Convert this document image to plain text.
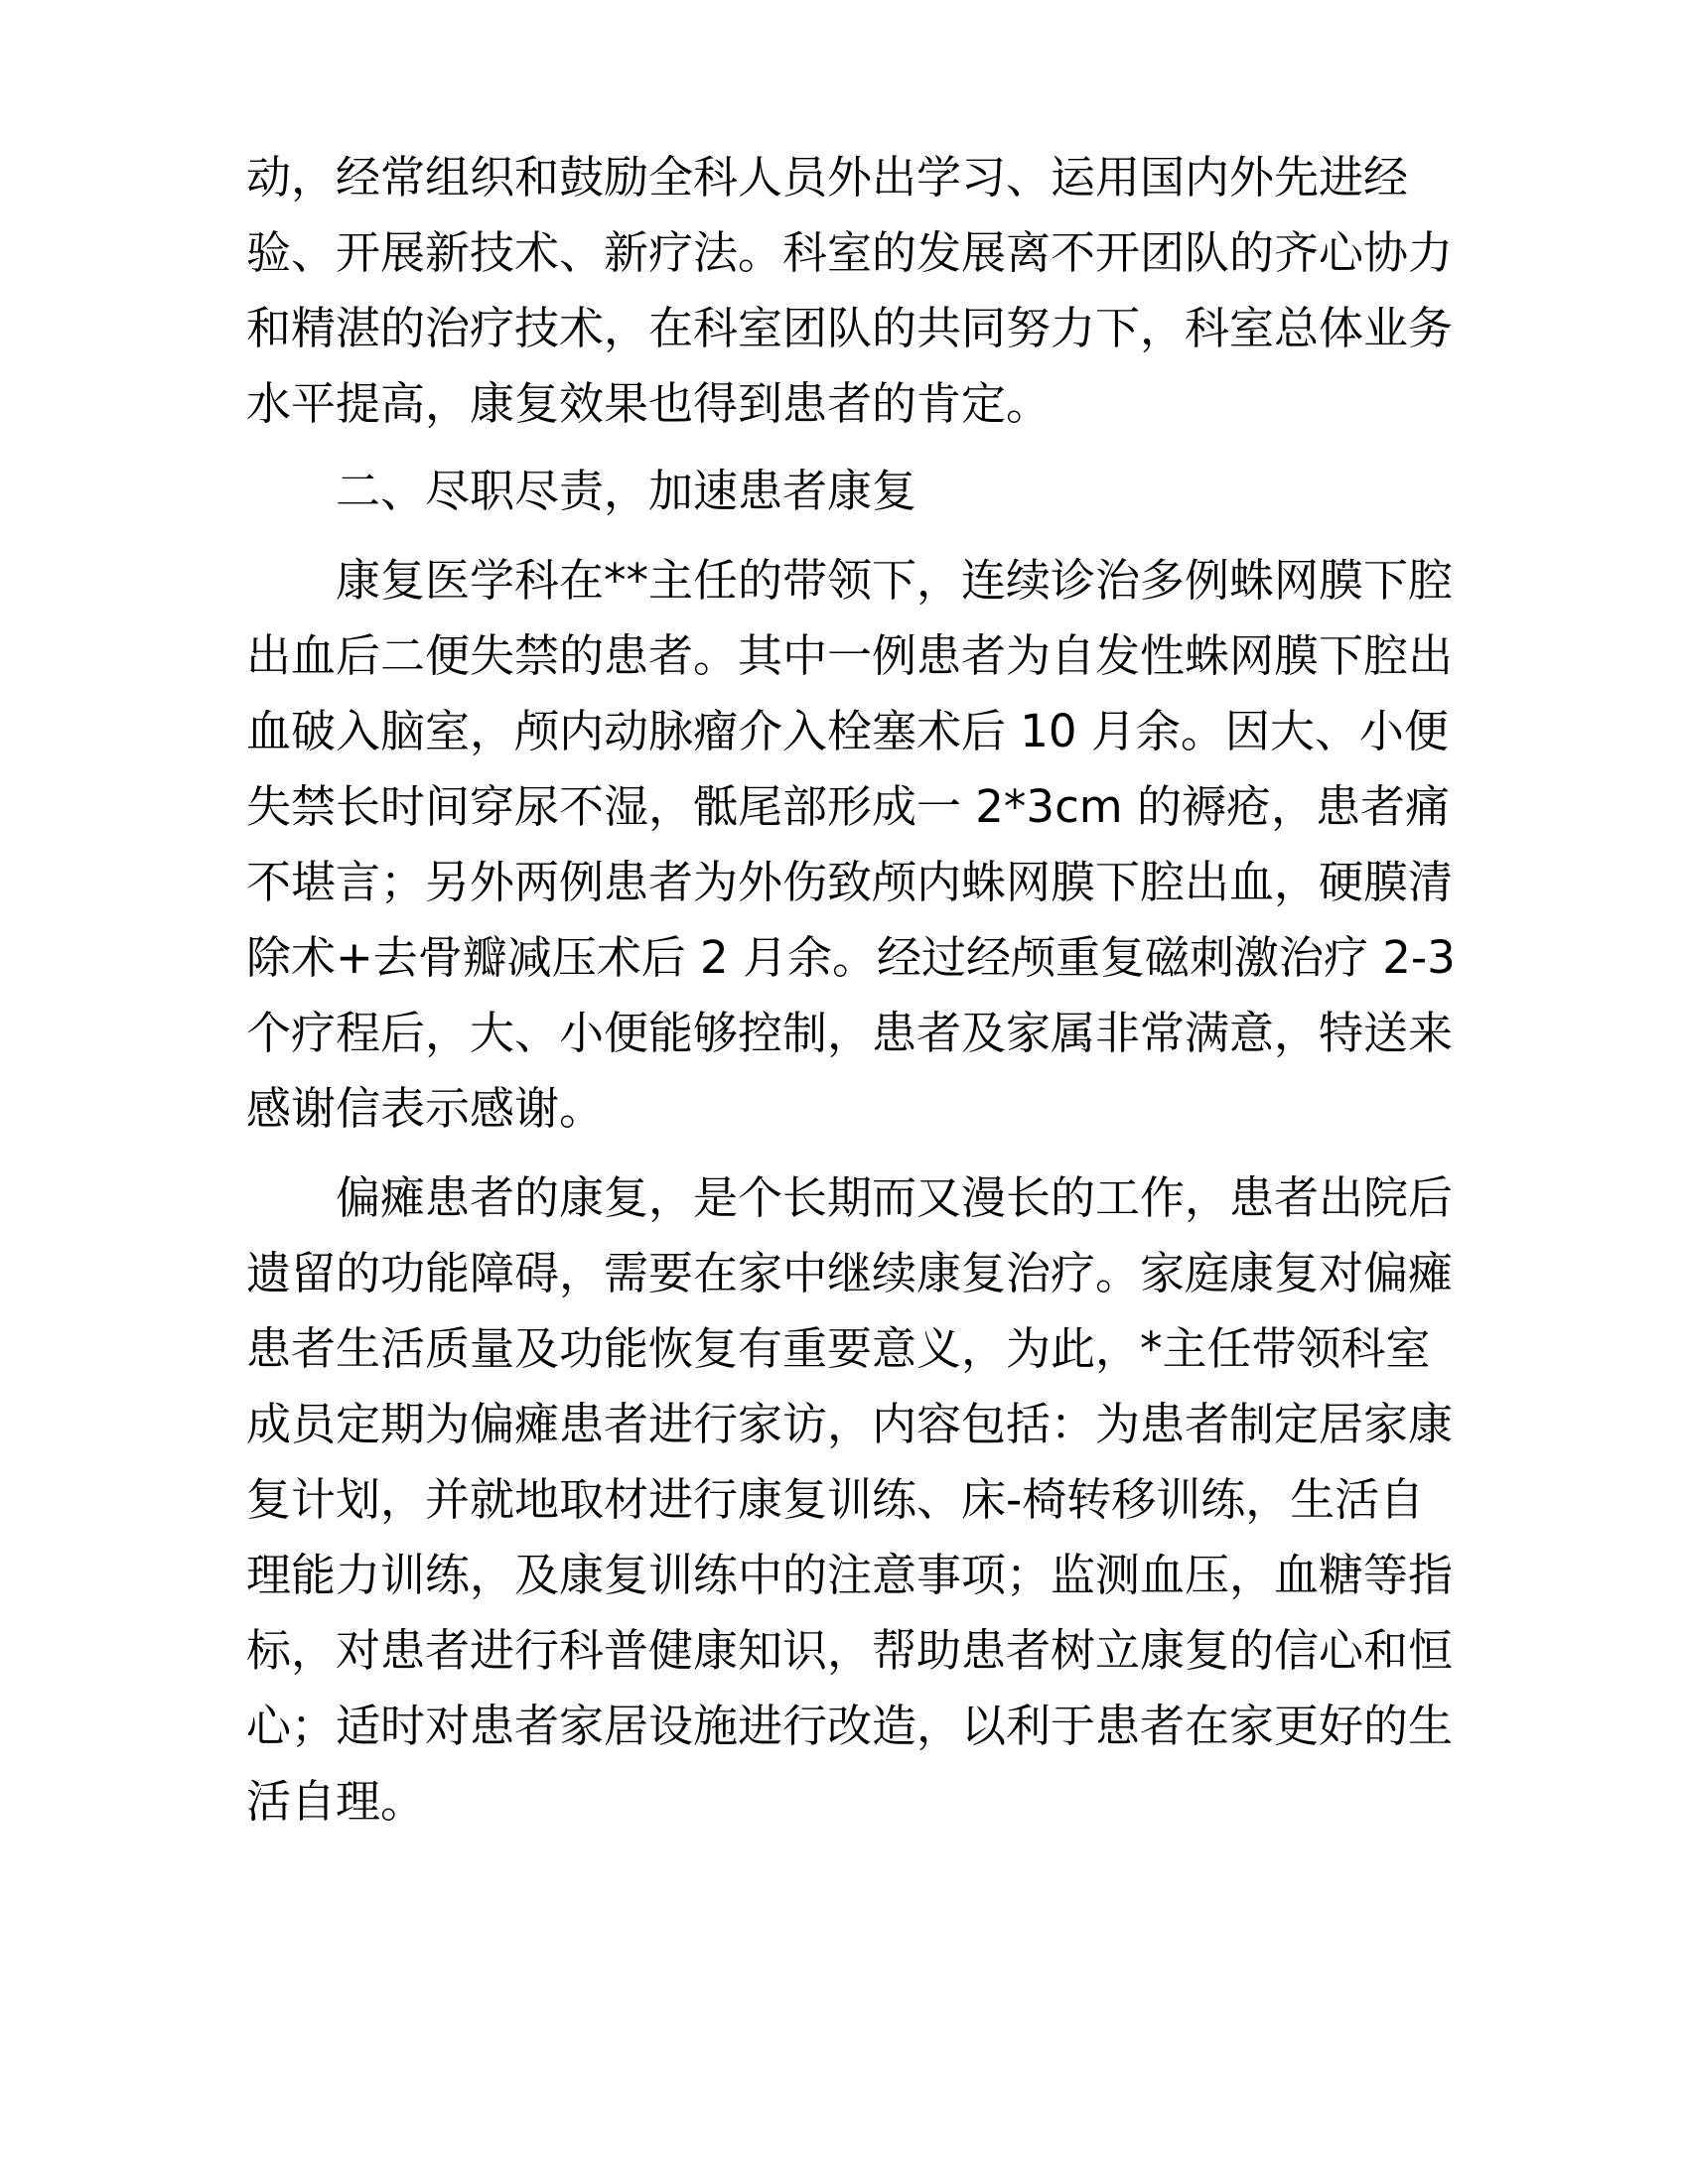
动，经常组织和鼓励全科人员外出学习、运用国内外先进经
验、开展新技术、新疗法。科室的发展离不开团队的齐心协力
和精湛的治疗技术，在科室团队的共同努力下，科室总体业务
水平提高，康复效果也得到患者的肯定。
二、尽职尽责，加速患者康复
康复医学科在**主任的带领下，连续诊治多例蛛网膜下腔
出血后二便失禁的患者。其中一例患者为自发性蛛网膜下腔出
血破入脑室，颅内动脉瘤介入栓塞术后 10 月余。因大、小便
失禁长时间穿尿不湿，骶尾部形成一 2*3cm 的褥疮，患者痛
不堪言；另外两例患者为外伤致颅内蛛网膜下腔出血，硬膜清
除术+去骨瓣减压术后 2 月余。经过经颅重复磁刺激治疗 2-3
个疗程后，大、小便能够控制，患者及家属非常满意，特送来
感谢信表示感谢。
偏瘫患者的康复，是个长期而又漫长的工作，患者出院后
遗留的功能障碍，需要在家中继续康复治疗。家庭康复对偏瘫
患者生活质量及功能恢复有重要意义，为此，*主任带领科室
成员定期为偏瘫患者进行家访，内容包括：为患者制定居家康
复计划，并就地取材进行康复训练、床-椅转移训练，生活自
理能力训练，及康复训练中的注意事项；监测血压，血糖等指
标，对患者进行科普健康知识，帮助患者树立康复的信心和恒
心；适时对患者家居设施进行改造，以利于患者在家更好的生
活自理。
